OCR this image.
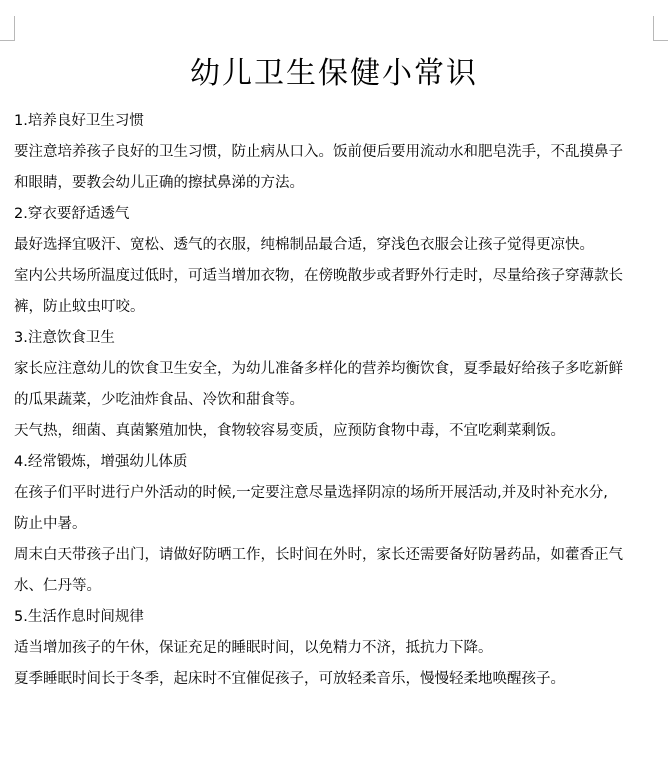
幼儿卫生保健小常识

1.培养良好卫生习惯

要注意培养孩子良好的卫生习惯，防止病从口入。饭前便后要用流动水和肥皂洗手，不乱摸鼻子

和眼睛，要教会幼儿正确的擦拭鼻涕的方法。

2.穿衣要舒适透气

最好选择宜吸汗、宽松、透气的衣服，纯棉制品最合适，穿浅色衣服会让孩子觉得更凉快。

室内公共场所温度过低时，可适当增加衣物，在傍晚散步或者野外行走时，尽量给孩子穿薄款长

裤，防止蚊虫叮咬。

3.注意饮食卫生

家长应注意幼儿的饮食卫生安全，为幼儿准备多样化的营养均衡饮食，夏季最好给孩子多吃新鲜

的瓜果蔬菜，少吃油炸食品、冷饮和甜食等。

天气热，细菌、真菌繁殖加快，食物较容易变质，应预防食物中毒，不宜吃剩菜剩饭。

4.经常锻炼，增强幼儿体质

在孩子们平时进行户外活动的时候,一定要注意尽量选择阴凉的场所开展活动,并及时补充水分,

防止中暑。

周末白天带孩子出门，请做好防晒工作，长时间在外时，家长还需要备好防暑药品，如藿香正气

水、仁丹等。

5.生活作息时间规律

适当增加孩子的午休，保证充足的睡眠时间，以免精力不济，抵抗力下降。

夏季睡眠时间长于冬季，起床时不宜催促孩子，可放轻柔音乐，慢慢轻柔地唤醒孩子。
